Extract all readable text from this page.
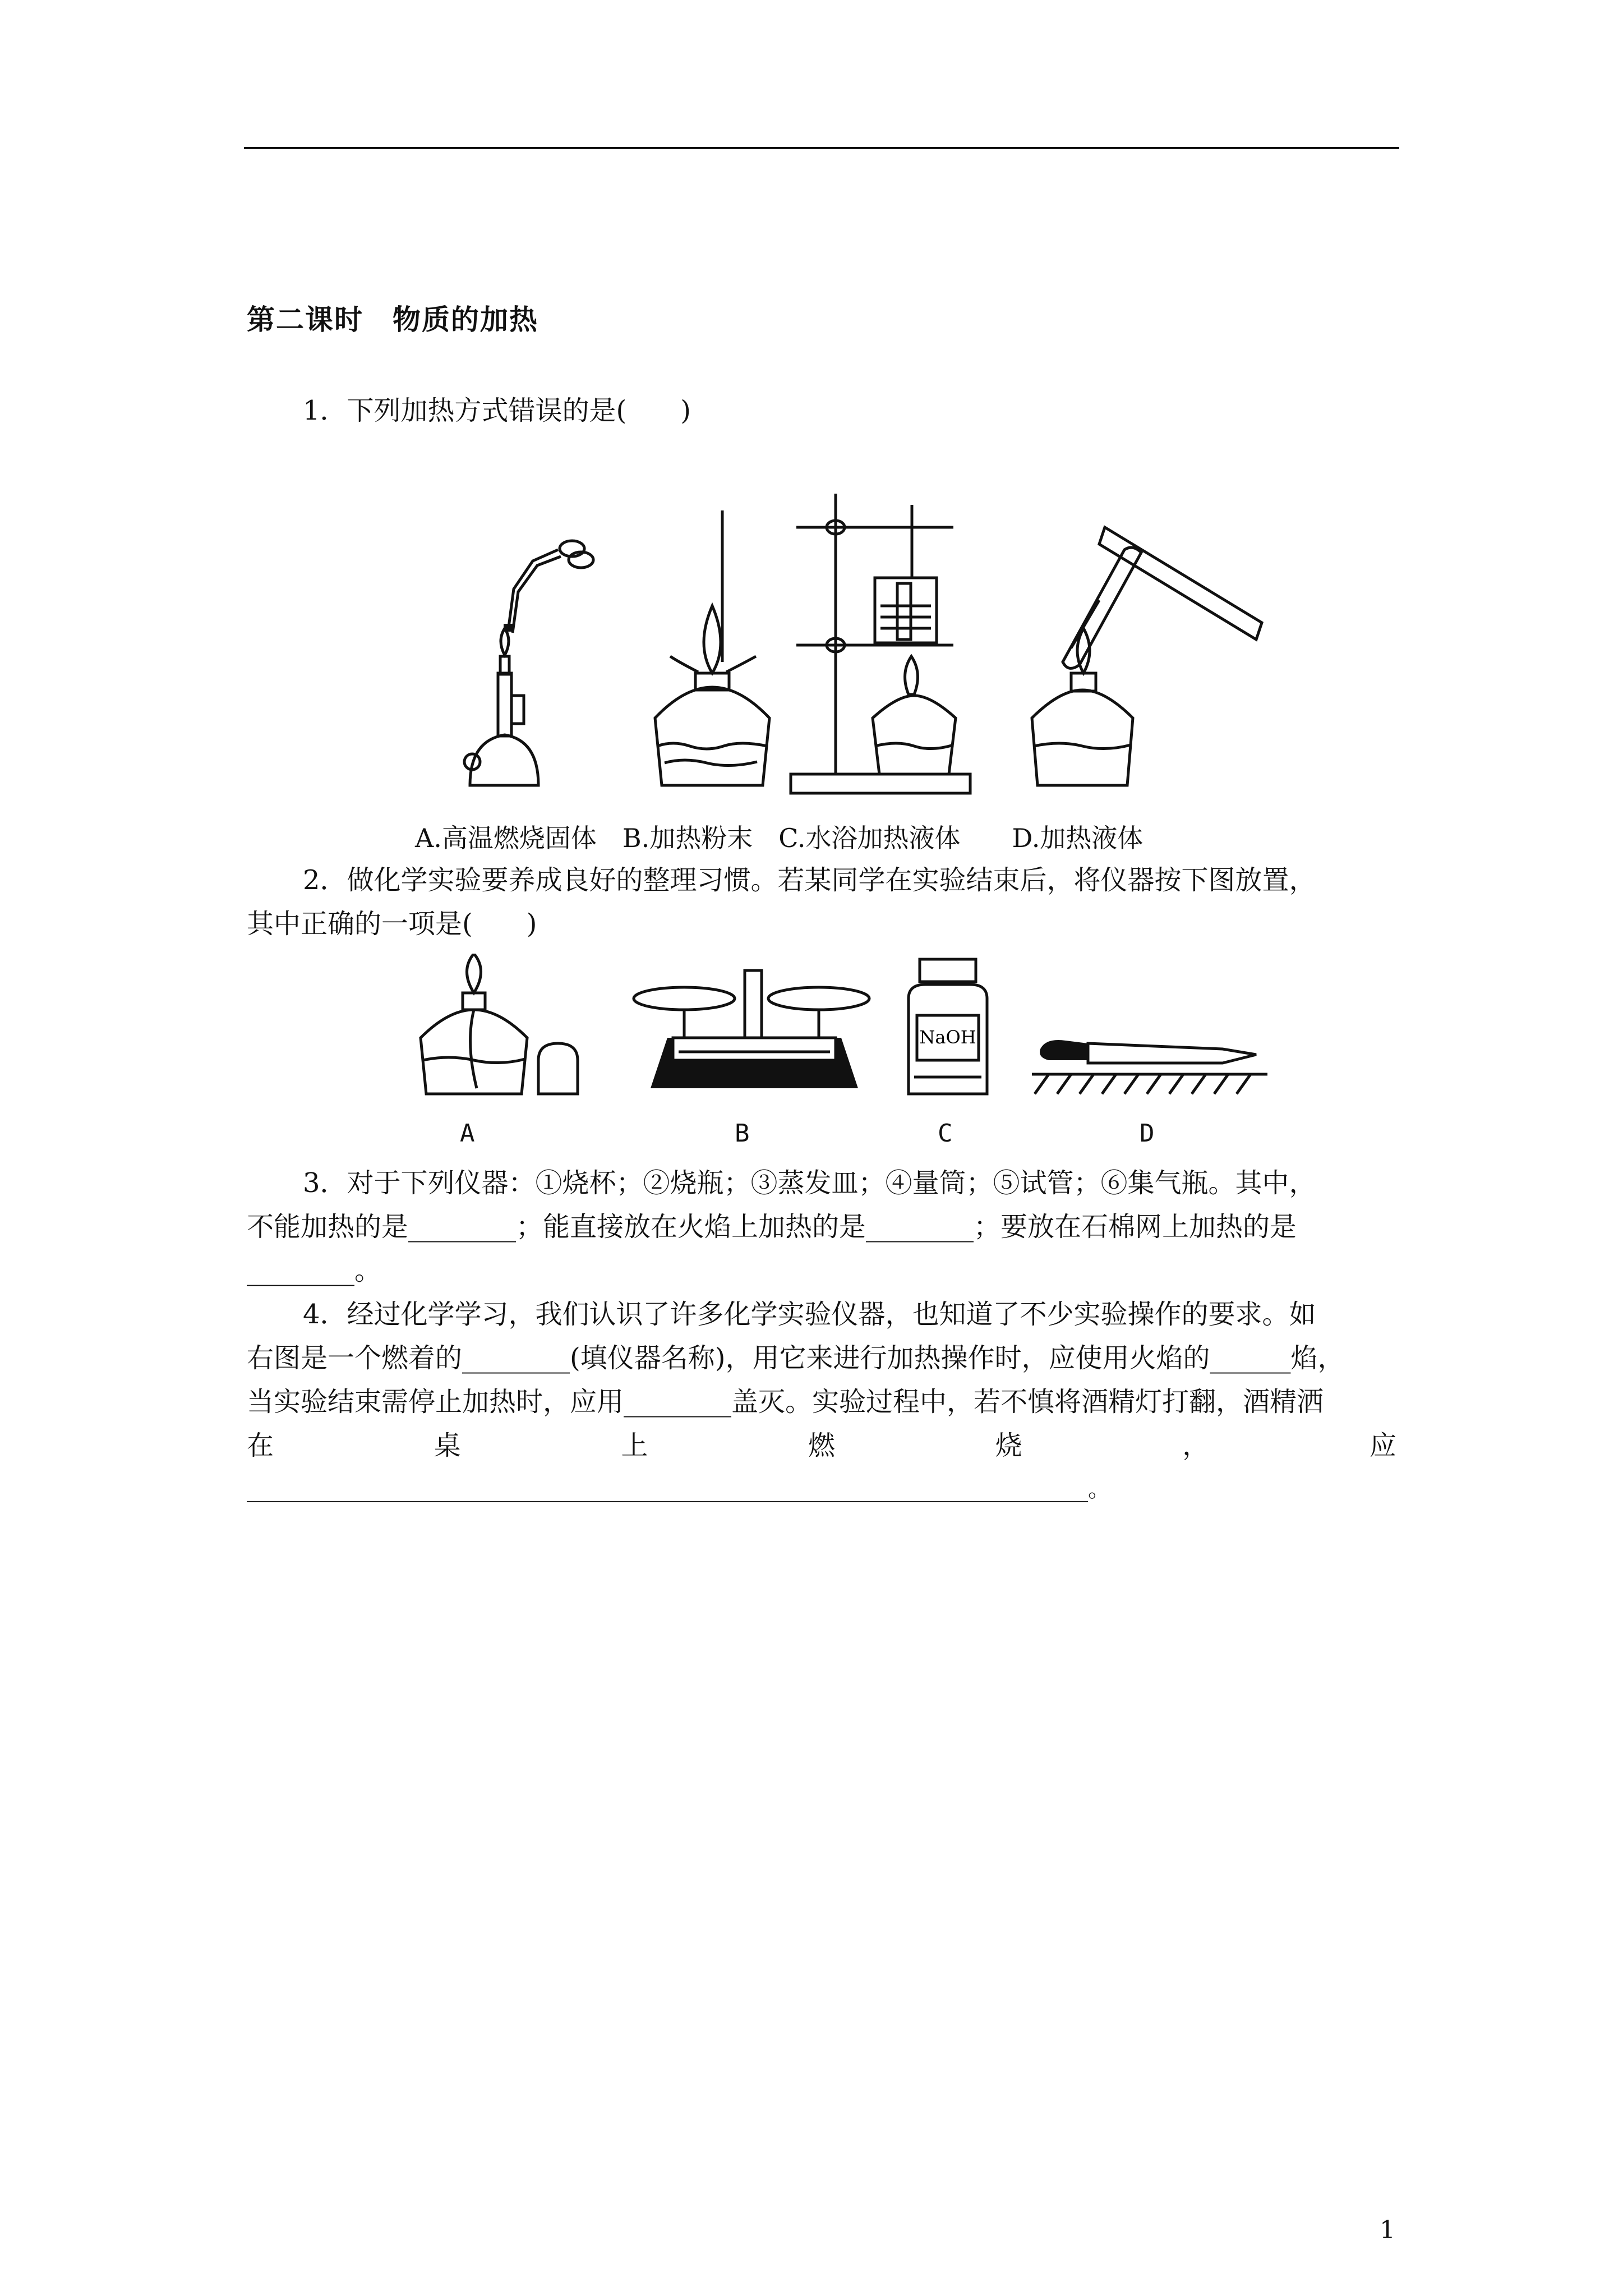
第二课时　物质的加热
1．下列加热方式错误的是(　　)
A.高温燃烧固体　B.加热粉末　C.水浴加热液体　　D.加热液体
2．做化学实验要养成良好的整理习惯。若某同学在实验结束后，将仪器按下图放置，
其中正确的一项是(　　)
NaOH
A	B	C	D
3．对于下列仪器：①烧杯；②烧瓶；③蒸发皿；④量筒；⑤试管；⑥集气瓶。其中，
不能加热的是________；能直接放在火焰上加热的是________；要放在石棉网上加热的是
________。
4．经过化学学习，我们认识了许多化学实验仪器，也知道了不少实验操作的要求。如
右图是一个燃着的________(填仪器名称)，用它来进行加热操作时，应使用火焰的______焰，
当实验结束需停止加热时，应用________盖灭。实验过程中，若不慎将酒精灯打翻，酒精洒
在	桌	上	燃	烧	，	应
___________________________________________________________________________。
1
